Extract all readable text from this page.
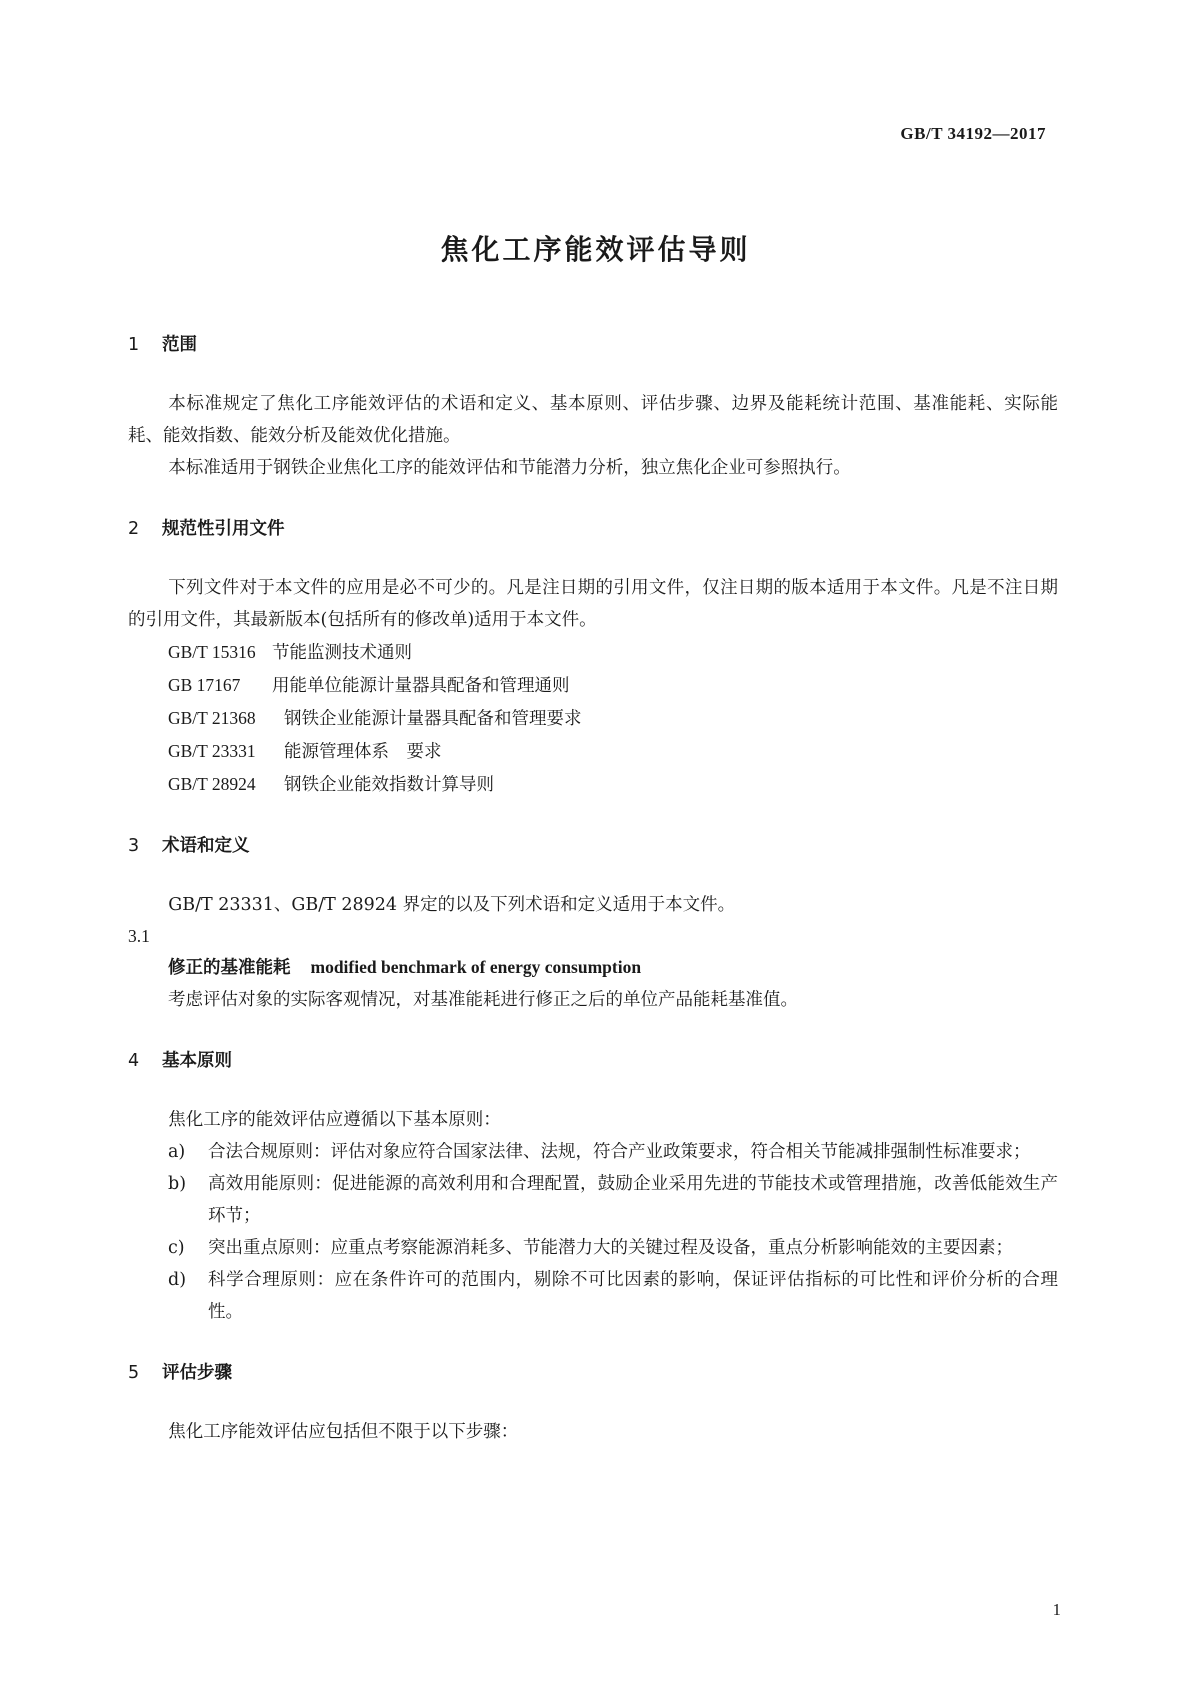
GB/T 34192—2017
焦化工序能效评估导则
1 范围

本标准规定了焦化工序能效评估的术语和定义、基本原则、评估步骤、边界及能耗统计范围、基准能耗、实际能耗、能效指数、能效分析及能效优化措施。

本标准适用于钢铁企业焦化工序的能效评估和节能潜力分析，独立焦化企业可参照执行。

2 规范性引用文件

下列文件对于本文件的应用是必不可少的。凡是注日期的引用文件，仅注日期的版本适用于本文件。凡是不注日期的引用文件，其最新版本(包括所有的修改单)适用于本文件。

GB/T 15316 节能监测技术通则

GB 17167 用能单位能源计量器具配备和管理通则

GB/T 21368 钢铁企业能源计量器具配备和管理要求

GB/T 23331 能源管理体系　要求

GB/T 28924 钢铁企业能效指数计算导则

3 术语和定义

GB/T 23331、GB/T 28924 界定的以及下列术语和定义适用于本文件。

3.1

修正的基准能耗 modified benchmark of energy consumption

考虑评估对象的实际客观情况，对基准能耗进行修正之后的单位产品能耗基准值。

4 基本原则

焦化工序的能效评估应遵循以下基本原则：

a)	合法合规原则：评估对象应符合国家法律、法规，符合产业政策要求，符合相关节能减排强制性标准要求；
b)	高效用能原则：促进能源的高效利用和合理配置，鼓励企业采用先进的节能技术或管理措施，改善低能效生产环节；
c)	突出重点原则：应重点考察能源消耗多、节能潜力大的关键过程及设备，重点分析影响能效的主要因素；
d)	科学合理原则：应在条件许可的范围内，剔除不可比因素的影响，保证评估指标的可比性和评价分析的合理性。
5 评估步骤

焦化工序能效评估应包括但不限于以下步骤：

1
